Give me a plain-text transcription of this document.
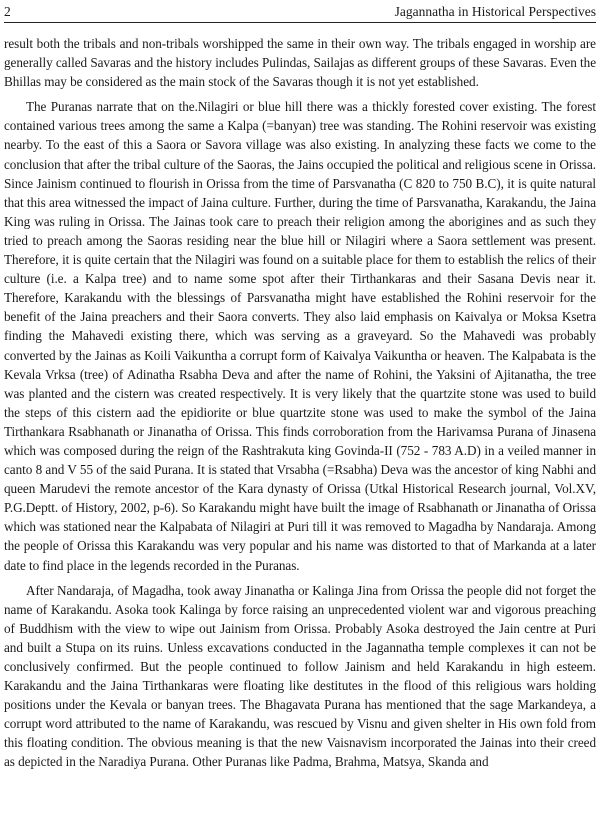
2	Jagannatha in Historical Perspectives

result both the tribals and non-tribals worshipped the same in their own way. The tribals engaged in worship are generally called Savaras and the history includes Pulindas, Sailajas as different groups of these Savaras. Even the Bhillas may be considered as the main stock of the Savaras though it is not yet established.

The Puranas narrate that on the.Nilagiri or blue hill there was a thickly forested cover existing. The forest contained various trees among the same a Kalpa (=banyan) tree was standing. The Rohini reservoir was existing nearby. To the east of this a Saora or Savora village was also existing. In analyzing these facts we come to the conclusion that after the tribal culture of the Saoras, the Jains occupied the political and religious scene in Orissa. Since Jainism continued to flourish in Orissa from the time of Parsvanatha (C 820 to 750 B.C), it is quite natural that this area witnessed the impact of Jaina culture. Further, during the time of Parsvanatha, Karakandu, the Jaina King was ruling in Orissa. The Jainas took care to preach their religion among the aborigines and as such they tried to preach among the Saoras residing near the blue hill or Nilagiri where a Saora settlement was present. Therefore, it is quite certain that the Nilagiri was found on a suitable place for them to establish the relics of their culture (i.e. a Kalpa tree) and to name some spot after their Tirthankaras and their Sasana Devis near it. Therefore, Karakandu with the blessings of Parsvanatha might have established the Rohini reservoir for the benefit of the Jaina preachers and their Saora converts. They also laid emphasis on Kaivalya or Moksa Ksetra finding the Mahavedi existing there, which was serving as a graveyard. So the Mahavedi was probably converted by the Jainas as Koili Vaikuntha a corrupt form of Kaivalya Vaikuntha or heaven. The Kalpabata is the Kevala Vrksa (tree) of Adinatha Rsabha Deva and after the name of Rohini, the Yaksini of Ajitanatha, the tree was planted and the cistern was created respectively. It is very likely that the quartzite stone was used to build the steps of this cistern aad the epidiorite or blue quartzite stone was used to make the symbol of the Jaina Tirthankara Rsabhanath or Jinanatha of Orissa. This finds corroboration from the Harivamsa Purana of Jinasena which was composed during the reign of the Rashtrakuta king Govinda-II (752 - 783 A.D) in a veiled manner in canto 8 and V 55 of the said Purana. It is stated that Vrsabha (=Rsabha) Deva was the ancestor of king Nabhi and queen Marudevi the remote ancestor of the Kara dynasty of Orissa (Utkal Historical Research journal, Vol.XV, P.G.Deptt. of History, 2002, p-6). So Karakandu might have built the image of Rsabhanath or Jinanatha of Orissa which was stationed near the Kalpabata of Nilagiri at Puri till it was removed to Magadha by Nandaraja. Among the people of Orissa this Karakandu was very popular and his name was distorted to that of Markanda at a later date to find place in the legends recorded in the Puranas.

After Nandaraja, of Magadha, took away Jinanatha or Kalinga Jina from Orissa the people did not forget the name of Karakandu. Asoka took Kalinga by force raising an unprecedented violent war and vigorous preaching of Buddhism with the view to wipe out Jainism from Orissa. Probably Asoka destroyed the Jain centre at Puri and built a Stupa on its ruins. Unless excavations conducted in the Jagannatha temple complexes it can not be conclusively confirmed. But the people continued to follow Jainism and held Karakandu in high esteem. Karakandu and the Jaina Tirthankaras were floating like destitutes in the flood of this religious wars holding positions under the Kevala or banyan trees. The Bhagavata Purana has mentioned that the sage Markandeya, a corrupt word attributed to the name of Karakandu, was rescued by Visnu and given shelter in His own fold from this floating condition. The obvious meaning is that the new Vaisnavism incorporated the Jainas into their creed as depicted in the Naradiya Purana. Other Puranas like Padma, Brahma, Matsya, Skanda and
